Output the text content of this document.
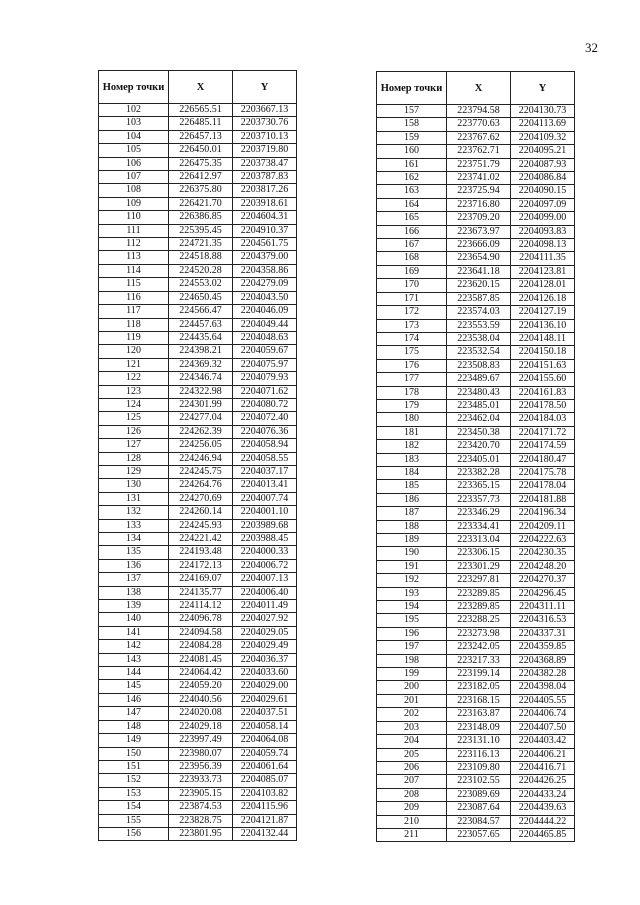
32
Номер точки	X	Y
102	226565.51	2203667.13
103	226485.11	2203730.76
104	226457.13	2203710.13
105	226450.01	2203719.80
106	226475.35	2203738.47
107	226412.97	2203787.83
108	226375.80	2203817.26
109	226421.70	2203918.61
110	226386.85	2204604.31
111	225395.45	2204910.37
112	224721.35	2204561.75
113	224518.88	2204379.00
114	224520.28	2204358.86
115	224553.02	2204279.09
116	224650.45	2204043.50
117	224566.47	2204046.09
118	224457.63	2204049.44
119	224435.64	2204048.63
120	224398.21	2204059.67
121	224369.32	2204075.97
122	224346.74	2204079.93
123	224322.98	2204071.62
124	224301.99	2204080.72
125	224277.04	2204072.40
126	224262.39	2204076.36
127	224256.05	2204058.94
128	224246.94	2204058.55
129	224245.75	2204037.17
130	224264.76	2204013.41
131	224270.69	2204007.74
132	224260.14	2204001.10
133	224245.93	2203989.68
134	224221.42	2203988.45
135	224193.48	2204000.33
136	224172.13	2204006.72
137	224169.07	2204007.13
138	224135.77	2204006.40
139	224114.12	2204011.49
140	224096.78	2204027.92
141	224094.58	2204029.05
142	224084.28	2204029.49
143	224081.45	2204036.37
144	224064.42	2204033.60
145	224059.20	2204029.00
146	224040.56	2204029.61
147	224020.08	2204037.51
148	224029.18	2204058.14
149	223997.49	2204064.08
150	223980.07	2204059.74
151	223956.39	2204061.64
152	223933.73	2204085.07
153	223905.15	2204103.82
154	223874.53	2204115.96
155	223828.75	2204121.87
156	223801.95	2204132.44
Номер точки	X	Y
157	223794.58	2204130.73
158	223770.63	2204113.69
159	223767.62	2204109.32
160	223762.71	2204095.21
161	223751.79	2204087.93
162	223741.02	2204086.84
163	223725.94	2204090.15
164	223716.80	2204097.09
165	223709.20	2204099.00
166	223673.97	2204093.83
167	223666.09	2204098.13
168	223654.90	2204111.35
169	223641.18	2204123.81
170	223620.15	2204128.01
171	223587.85	2204126.18
172	223574.03	2204127.19
173	223553.59	2204136.10
174	223538.04	2204148.11
175	223532.54	2204150.18
176	223508.83	2204151.63
177	223489.67	2204155.60
178	223480.43	2204161.83
179	223485.01	2204178.50
180	223462.04	2204184.03
181	223450.38	2204171.72
182	223420.70	2204174.59
183	223405.01	2204180.47
184	223382.28	2204175.78
185	223365.15	2204178.04
186	223357.73	2204181.88
187	223346.29	2204196.34
188	223334.41	2204209.11
189	223313.04	2204222.63
190	223306.15	2204230.35
191	223301.29	2204248.20
192	223297.81	2204270.37
193	223289.85	2204296.45
194	223289.85	2204311.11
195	223288.25	2204316.53
196	223273.98	2204337.31
197	223242.05	2204359.85
198	223217.33	2204368.89
199	223199.14	2204382.28
200	223182.05	2204398.04
201	223168.15	2204405.55
202	223163.87	2204406.74
203	223148.09	2204407.50
204	223131.10	2204403.42
205	223116.13	2204406.21
206	223109.80	2204416.71
207	223102.55	2204426.25
208	223089.69	2204433.24
209	223087.64	2204439.63
210	223084.57	2204444.22
211	223057.65	2204465.85
